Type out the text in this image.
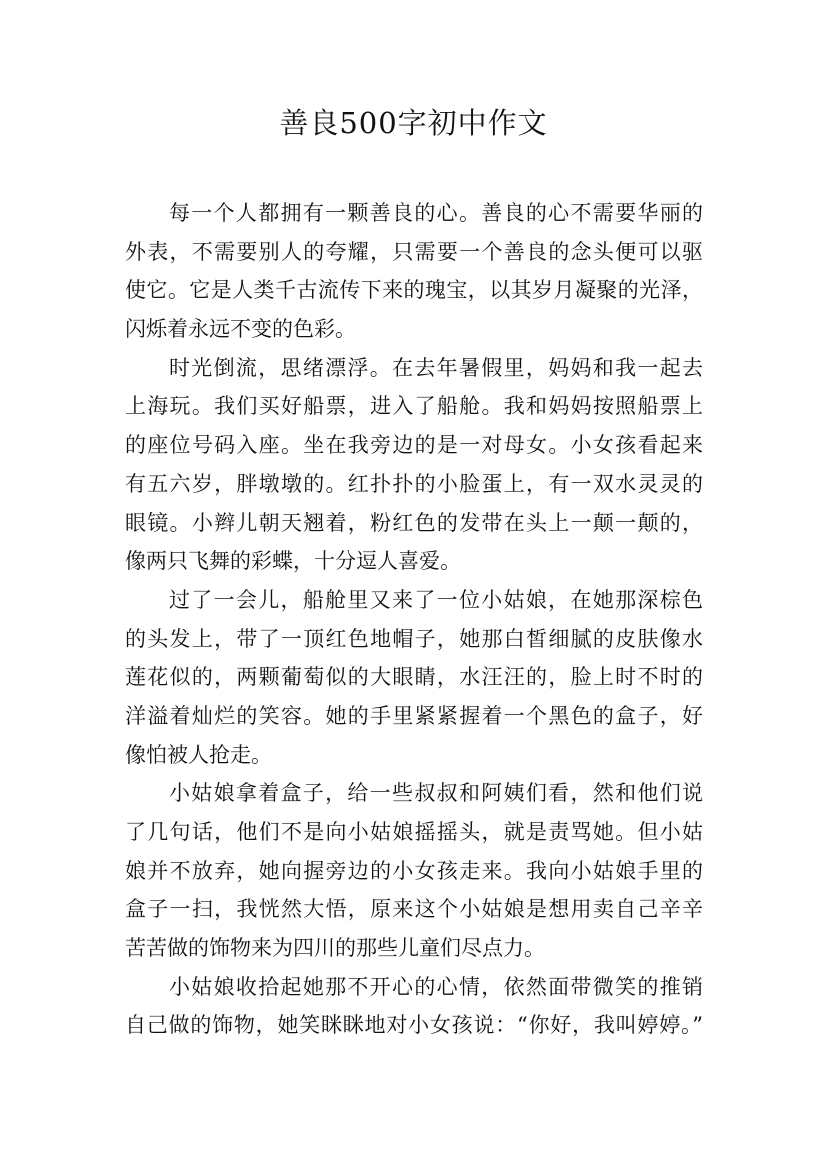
善良500字初中作文
每一个人都拥有一颗善良的心。善良的心不需要华丽的
外表，不需要别人的夸耀，只需要一个善良的念头便可以驱
使它。它是人类千古流传下来的瑰宝，以其岁月凝聚的光泽，
闪烁着永远不变的色彩。
时光倒流，思绪漂浮。在去年暑假里，妈妈和我一起去
上海玩。我们买好船票，进入了船舱。我和妈妈按照船票上
的座位号码入座。坐在我旁边的是一对母女。小女孩看起来
有五六岁，胖墩墩的。红扑扑的小脸蛋上，有一双水灵灵的
眼镜。小辫儿朝天翘着，粉红色的发带在头上一颠一颠的，
像两只飞舞的彩蝶，十分逗人喜爱。
过了一会儿，船舱里又来了一位小姑娘，在她那深棕色
的头发上，带了一顶红色地帽子，她那白皙细腻的皮肤像水
莲花似的，两颗葡萄似的大眼睛，水汪汪的，脸上时不时的
洋溢着灿烂的笑容。她的手里紧紧握着一个黑色的盒子，好
像怕被人抢走。
小姑娘拿着盒子，给一些叔叔和阿姨们看，然和他们说
了几句话，他们不是向小姑娘摇摇头，就是责骂她。但小姑
娘并不放弃，她向握旁边的小女孩走来。我向小姑娘手里的
盒子一扫，我恍然大悟，原来这个小姑娘是想用卖自己辛辛
苦苦做的饰物来为四川的那些儿童们尽点力。
小姑娘收拾起她那不开心的心情，依然面带微笑的推销
自己做的饰物，她笑眯眯地对小女孩说：“你好，我叫婷婷。”
